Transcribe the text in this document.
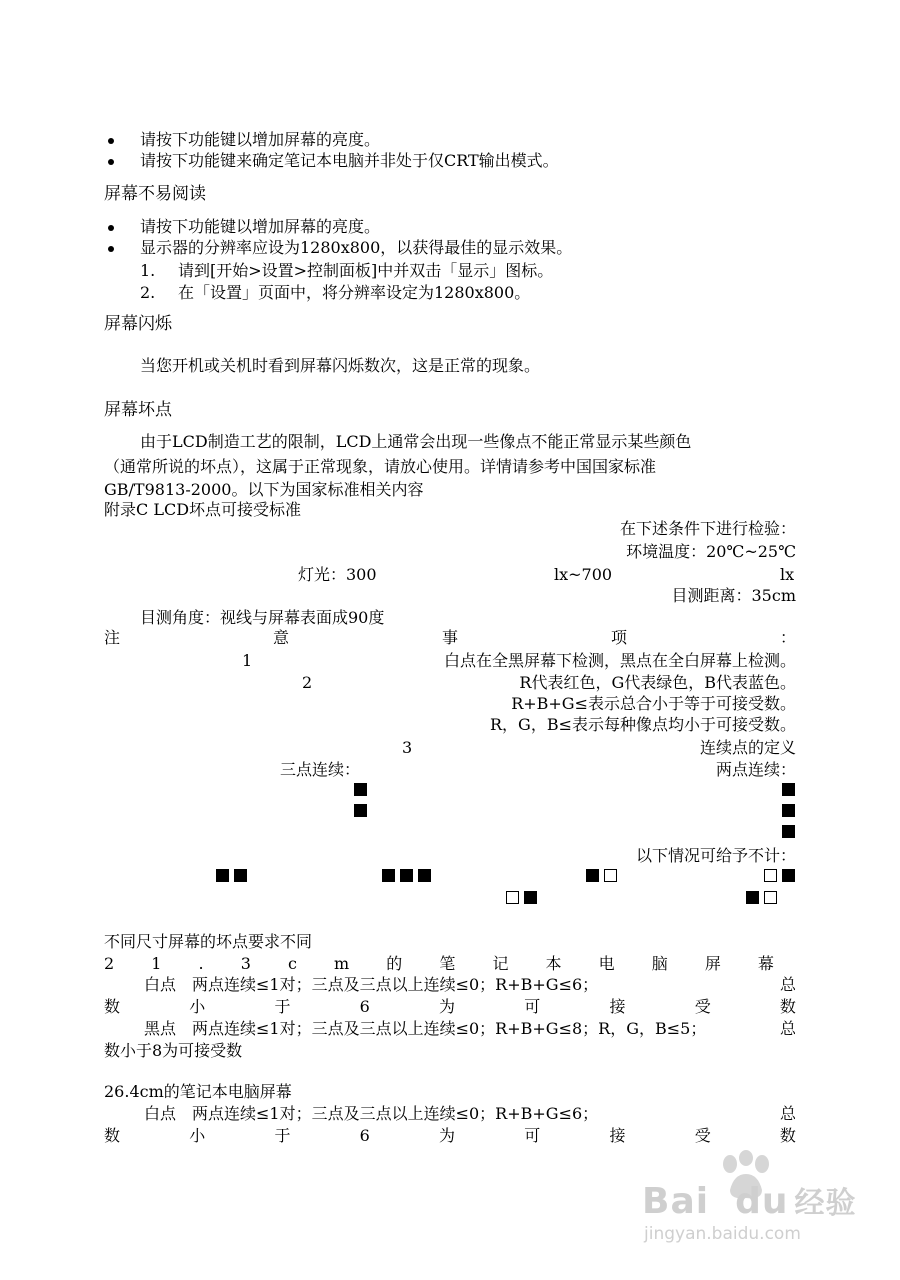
请按下功能键以增加屏幕的亮度。
请按下功能键来确定笔记本电脑并非处于仅CRT输出模式。
屏幕不易阅读
请按下功能键以增加屏幕的亮度。
显示器的分辨率应设为1280x800，以获得最佳的显示效果。
1. 请到[开始>设置>控制面板]中并双击「显示」图标。
2. 在「设置」页面中，将分辨率设定为1280x800。
屏幕闪烁
当您开机或关机时看到屏幕闪烁数次，这是正常的现象。
屏幕坏点
由于LCD制造工艺的限制，LCD上通常会出现一些像点不能正常显示某些颜色
（通常所说的坏点），这属于正常现象，请放心使用。详情请参考中国国家标准
GB/T9813-2000。以下为国家标准相关内容
附录C LCD坏点可接受标准
在下述条件下进行检验：
环境温度：20℃~25℃
灯光：300	lx~700	lx
目测距离：35cm
目测角度：视线与屏幕表面成90度
注	意	事	项	：
1	白点在全黑屏幕下检测，黑点在全白屏幕上检测。
2	R代表红色，G代表绿色，B代表蓝色。
R+B+G≤表示总合小于等于可接受数。
R，G，B≤表示每种像点均小于可接受数。
3	连续点的定义
三点连续：	两点连续：
以下情况可给予不计：
不同尺寸屏幕的坏点要求不同
2 1 . 3 c m 的 笔 记 本 电 脑 屏 幕
白点　两点连续≤1对；三点及三点以上连续≤0；R+B+G≤6；	总
数	小	于	6	为	可	接	受	数
黑点　两点连续≤1对；三点及三点以上连续≤0；R+B+G≤8；R，G，B≤5；	总
数小于8为可接受数
26.4cm的笔记本电脑屏幕
白点　两点连续≤1对；三点及三点以上连续≤0；R+B+G≤6；	总
数	小	于	6	为	可	接	受	数
Bai du 经验
jingyan.baidu.com
